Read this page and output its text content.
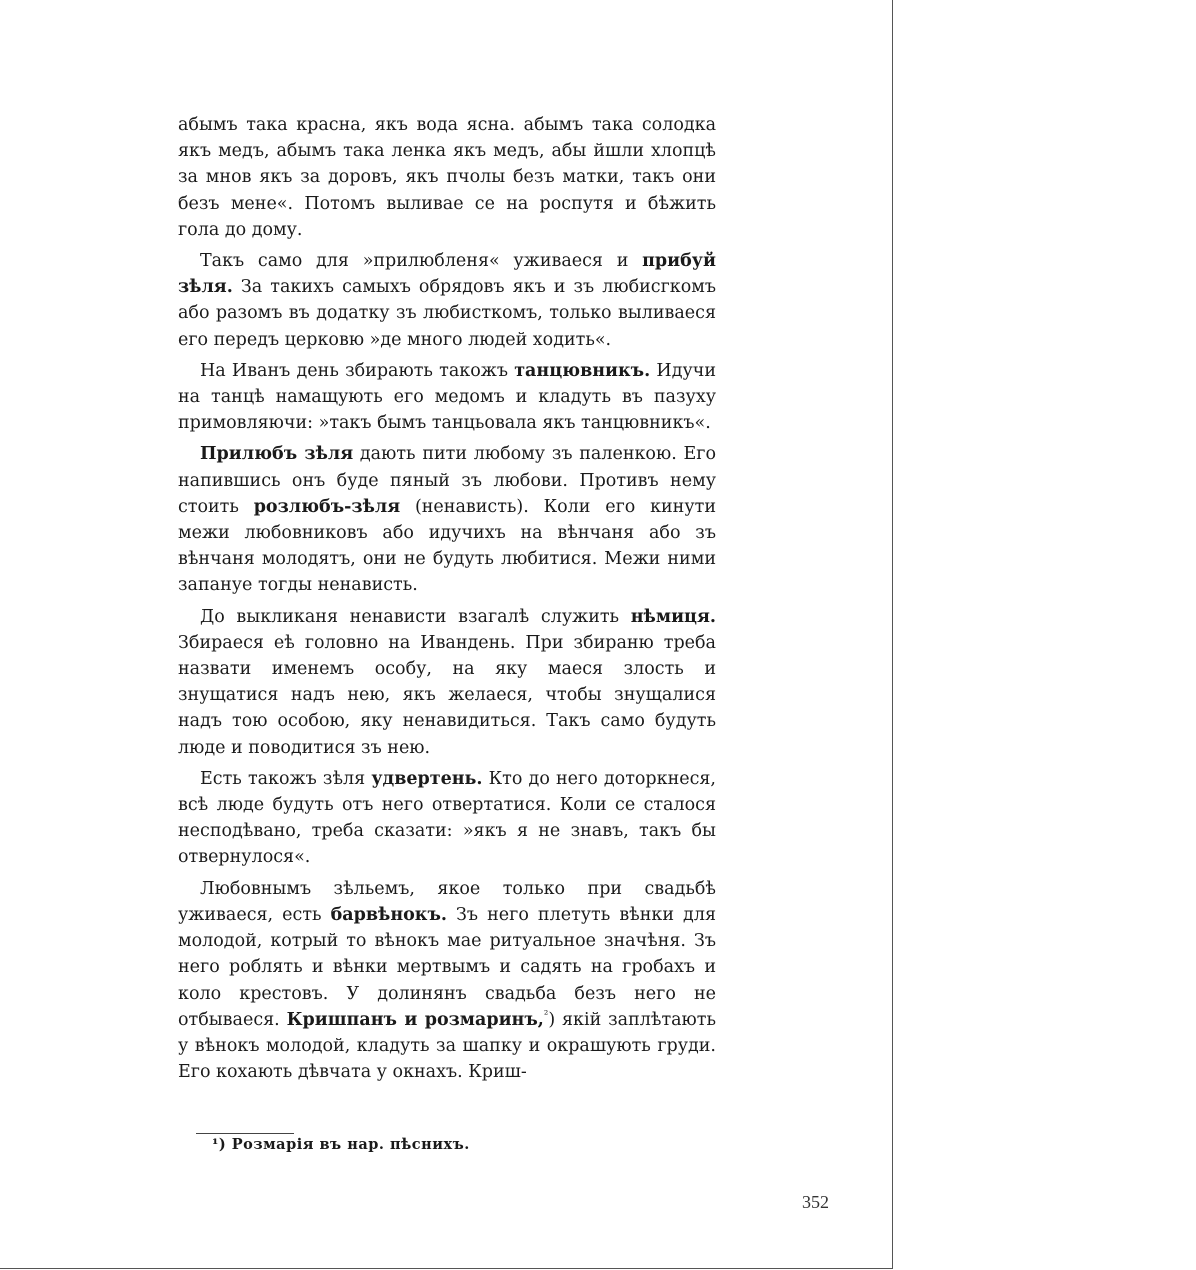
абымъ така красна, якъ вода ясна. абымъ така солодка якъ медъ, абымъ така ленка якъ медъ, абы йшли хлопцѣ за мнов якъ за доровъ, якъ пчолы безъ матки, такъ они безъ мене«. Потомъ выливае се на роспутя и бѣжить гола до дому.

Такъ само для »прилюбленя« уживаеся и прибуй зѣля. За такихъ самыхъ обрядовъ якъ и зъ любисгкомъ або разомъ въ додатку зъ любисткомъ, только выливаеся его передъ церковю »де много людей ходить«.

На Иванъ день збирають такожъ танцювникъ. Идучи на танцѣ намащують его медомъ и кладуть въ пазуху примовляючи: »такъ бымъ танцьовала якъ танцювникъ«.

Прилюбъ зѣля дають пити любому зъ паленкою. Его напившись онъ буде пяный зъ любови. Противъ нему стоить розлюбъ-зѣля (ненависть). Коли его кинути межи любовниковъ або идучихъ на вѣнчаня або зъ вѣнчаня молодятъ, они не будуть любитися. Межи ними запануе тогды ненависть.

До выкликаня ненависти взагалѣ служить нѣмиця. Збираеся еѣ головно на Ивандень. При збираню треба назвати именемъ особу, на яку маеся злость и знущатися надъ нею, якъ желаеся, чтобы знущалися надъ тою особою, яку ненавидиться. Такъ само будуть люде и поводитися зъ нею.

Есть такожъ зѣля удвертень. Кто до него доторкнеся, всѣ люде будуть отъ него отвертатися. Коли се сталося несподѣвано, треба сказати: »якъ я не знавъ, такъ бы отвернулося«.

Любовнымъ зѣльемъ, якое только при свадьбѣ уживаеся, есть барвѣнокъ. Зъ него плетуть вѣнки для молодой, котрый то вѣнокъ мае ритуальное значѣня. Зъ него роблять и вѣнки мертвымъ и садять на гробахъ и коло крестовъ. У долинянъ свадьба безъ него не отбываеся. Кришпанъ и розмаринъ,$^{^2}$) якій заплѣтають у вѣнокъ молодой, кладуть за шапку и окрашують груди. Его кохають дѣвчата у окнахъ. Криш-

¹) Розмарія въ нар. пѣснихъ.
352
